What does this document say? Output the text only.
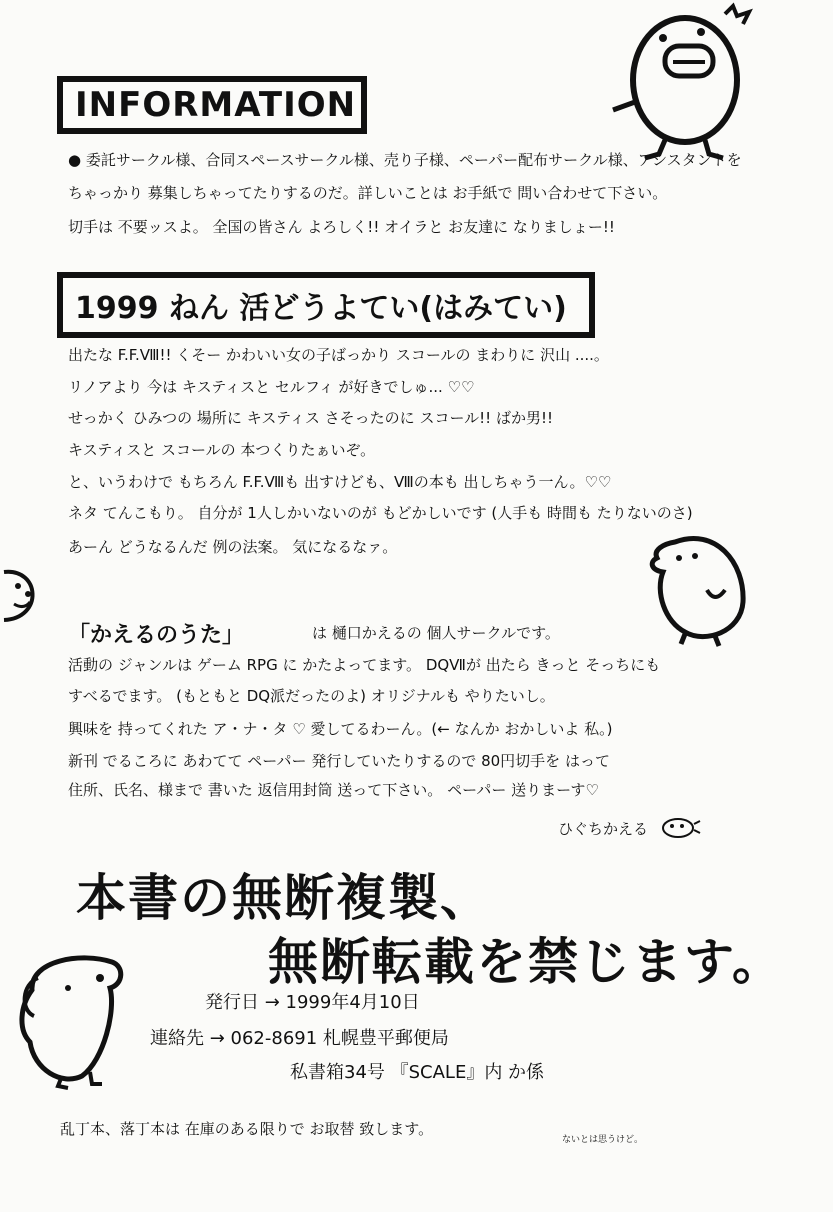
INFORMATION
● 委託サークル様、合同スペースサークル様、売り子様、ペーパー配布サークル様、アシスタントを
ちゃっかり 募集しちゃってたりするのだ。詳しいことは お手紙で 問い合わせて下さい。
切手は 不要ッスよ。 全国の皆さん よろしく!! オイラと お友達に なりましょー!!
1999 ねん 活どうよてい(はみてい)
出たな F.F.Ⅷ!! くそー かわいい女の子ばっかり スコールの まわりに 沢山 ....。
リノアより 今は キスティスと セルフィ が好きでしゅ... ♡♡
せっかく ひみつの 場所に キスティス さそったのに スコール!! ばか男!!
キスティスと スコールの 本つくりたぁいぞ。
と、いうわけで もちろん F.F.Ⅷも 出すけども、Ⅷの本も 出しちゃう一ん。♡♡
ネタ てんこもり。 自分が 1人しかいないのが もどかしいです (人手も 時間も たりないのさ)
あーん どうなるんだ 例の法案。 気になるなァ。
「かえるのうた」	は 樋口かえるの 個人サークルです。
活動の ジャンルは ゲーム RPG に かたよってます。 DQⅦが 出たら きっと そっちにも
すべるでます。 (もともと DQ派だったのよ) オリジナルも やりたいし。
興味を 持ってくれた ア・ナ・タ ♡ 愛してるわーん。(← なんか おかしいよ 私。)
新刊 でるころに あわてて ペーパー 発行していたりするので 80円切手を はって
住所、氏名、様まで 書いた 返信用封筒 送って下さい。 ペーパー 送りまーす♡
ひぐちかえる
本書の無断複製、
無断転載を禁じます。
発行日 → 1999年4月10日
連絡先 → 062-8691 札幌豊平郵便局
私書箱34号 『SCALE』内 か係
乱丁本、落丁本は 在庫のある限りで お取替 致します。
ないとは思うけど。
